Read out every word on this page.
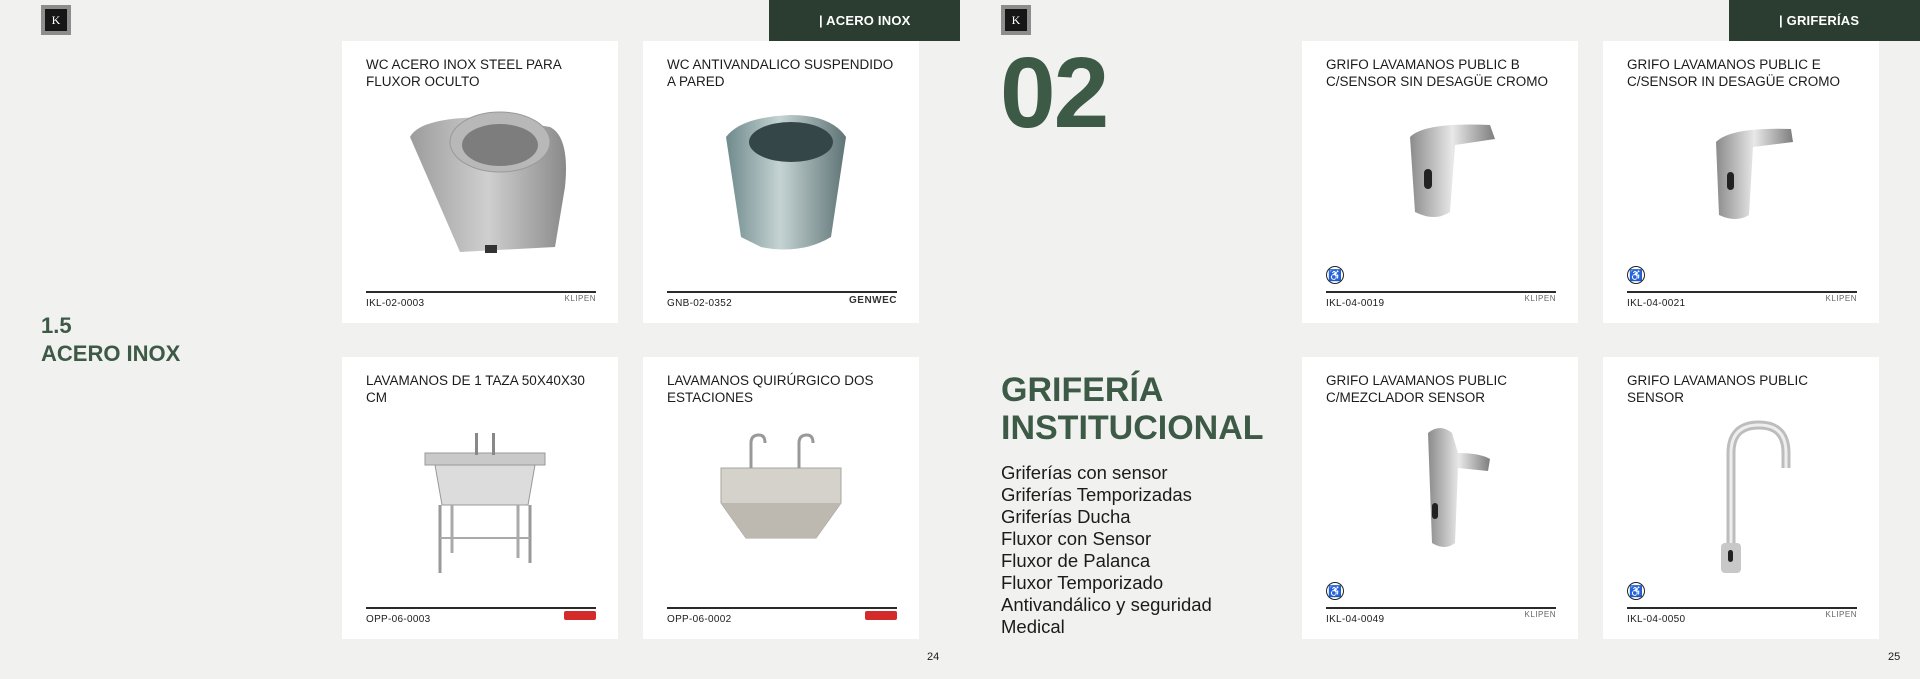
K	| ACERO INOX
1.5
ACERO INOX
WC ACERO INOX STEEL PARA FLUXOR OCULTO
IKL-02-0003	KLIPEN
WC ANTIVANDALICO SUSPENDIDO A PARED
GNB-02-0352	GENWEC
LAVAMANOS DE 1 TAZA 50X40X30 CM
OPP-06-0003
LAVAMANOS QUIRÚRGICO DOS ESTACIONES
OPP-06-0002
24
K	| GRIFERÍAS
02
GRIFERÍA
INSTITUCIONAL
Griferías con sensor
Griferías Temporizadas
Griferías Ducha
Fluxor con Sensor
Fluxor de Palanca
Fluxor Temporizado
Antivandálico y seguridad
Medical
GRIFO LAVAMANOS PUBLIC B C/SENSOR SIN DESAGÜE CROMO
♿
IKL-04-0019	KLIPEN
GRIFO LAVAMANOS PUBLIC E C/SENSOR IN DESAGÜE CROMO
♿
IKL-04-0021	KLIPEN
GRIFO LAVAMANOS PUBLIC C/MEZCLADOR SENSOR
♿
IKL-04-0049	KLIPEN
GRIFO LAVAMANOS PUBLIC SENSOR
♿
IKL-04-0050	KLIPEN
25
